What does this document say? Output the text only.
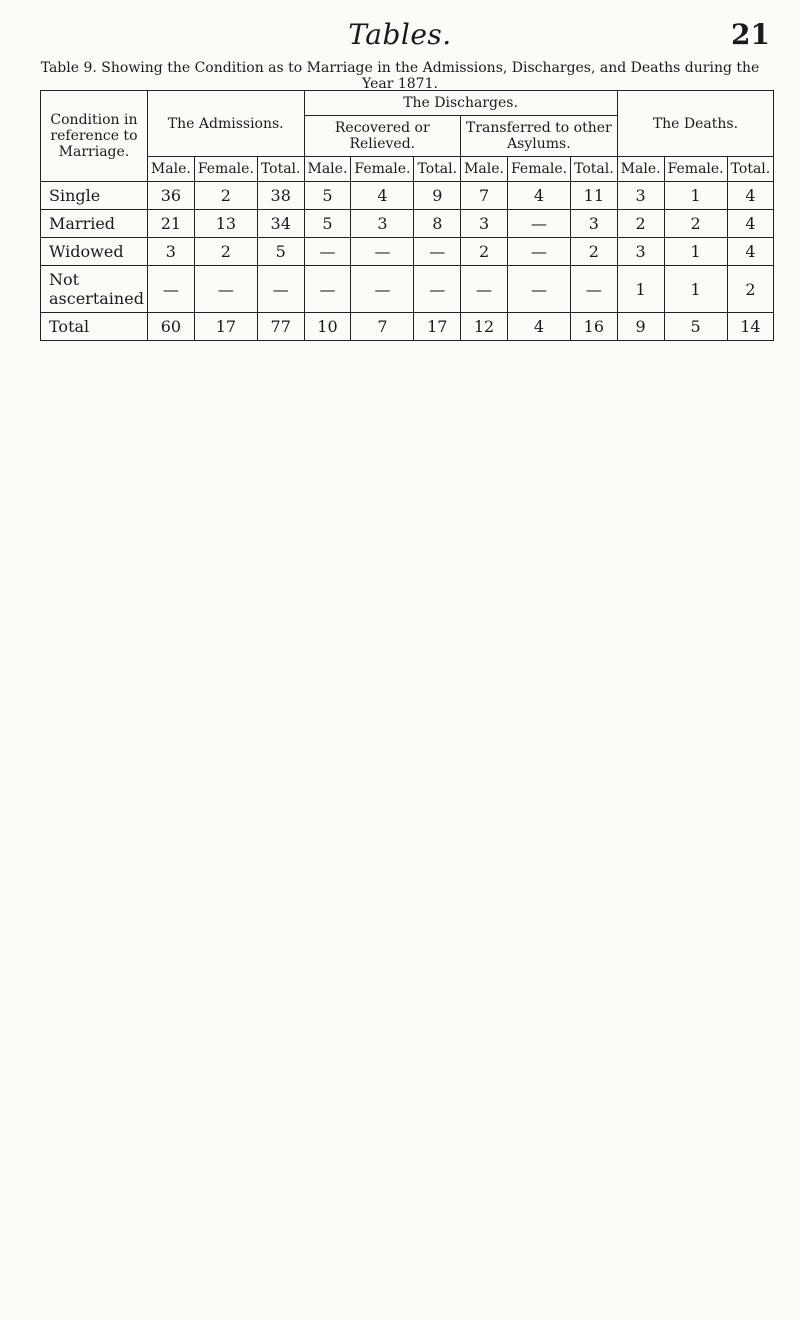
Tables.	21
Table 9. Showing the Condition as to Marriage in the Admissions, Discharges, and Deaths during the Year 1871.
Condition in reference to Marriage.	The Admissions.			The Discharges.						The Deaths.		
				Recovered or Relieved.			Transferred to other Asylums.					
	Male.	Female.	Total.	Male.	Female.	Total.	Male.	Female.	Total.	Male.	Female.	Total.
Single	36	2	38	5	4	9	7	4	11	3	1	4
Married	21	13	34	5	3	8	3	—	3	2	2	4
Widowed	3	2	5	—	—	—	2	—	2	3	1	4
Not ascertained	—	—	—	—	—	—	—	—	—	1	1	2
Total	60	17	77	10	7	17	12	4	16	9	5	14
